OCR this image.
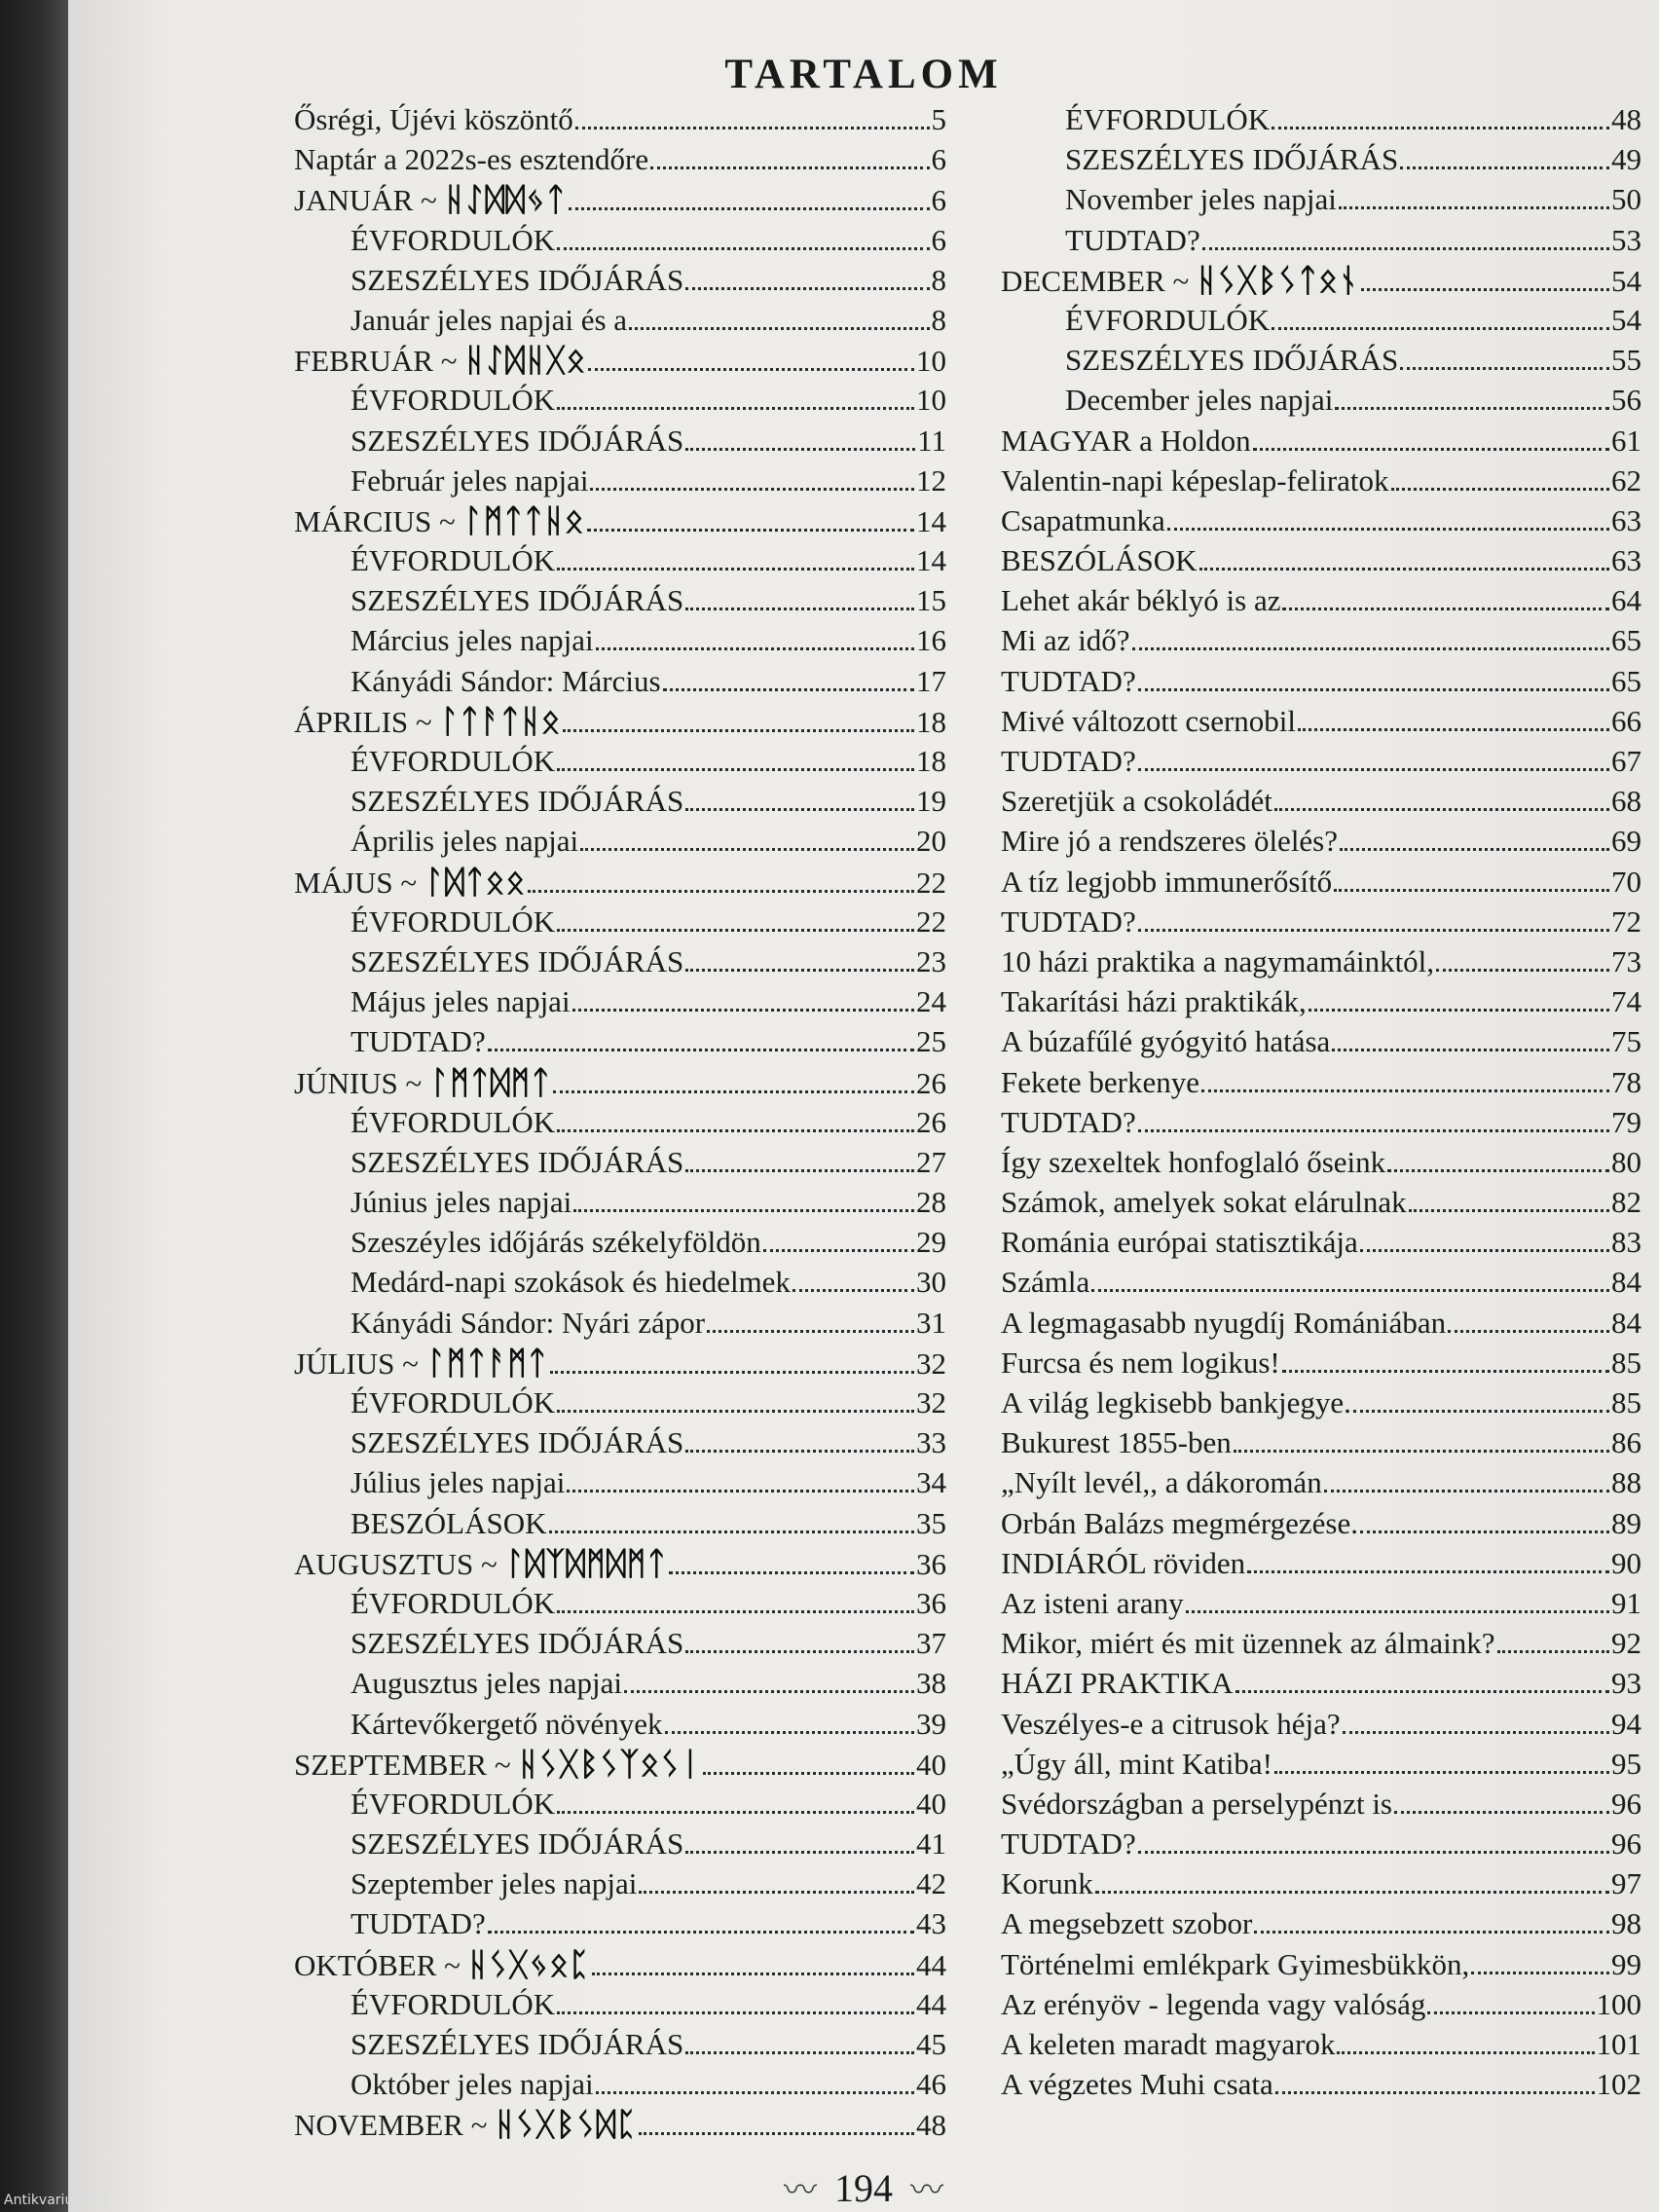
TARTALOM
Ősrégi, Újévi köszöntő	5
Naptár a 2022s-es esztendőre	6
JANUÁR ~ ᚺᛇᛞᛞᛃᛏ	6
ÉVFORDULÓK	6
SZESZÉLYES IDŐJÁRÁS	8
Január jeles napjai és a	8
FEBRUÁR ~ ᚺᛇᛞᚺᚷᛟ	10
ÉVFORDULÓK	10
SZESZÉLYES IDŐJÁRÁS	11
Február jeles napjai	12
MÁRCIUS ~ ᛚᛗᛏᛏᚺᛟ	14
ÉVFORDULÓK	14
SZESZÉLYES IDŐJÁRÁS	15
Március jeles napjai	16
Kányádi Sándor: Március	17
ÁPRILIS ~ ᛚᛏᚨᛏᚺᛟ	18
ÉVFORDULÓK	18
SZESZÉLYES IDŐJÁRÁS	19
Április jeles napjai	20
MÁJUS ~ ᛚᛞᛏᛟᛟ	22
ÉVFORDULÓK	22
SZESZÉLYES IDŐJÁRÁS	23
Május jeles napjai	24
TUDTAD?	25
JÚNIUS ~ ᛚᛗᛏᛞᛗᛏ	26
ÉVFORDULÓK	26
SZESZÉLYES IDŐJÁRÁS	27
Június jeles napjai	28
Szeszéyles időjárás székelyföldön	29
Medárd-napi szokások és hiedelmek	30
Kányádi Sándor: Nyári zápor	31
JÚLIUS ~ ᛚᛗᛏᚨᛗᛏ	32
ÉVFORDULÓK	32
SZESZÉLYES IDŐJÁRÁS	33
Július jeles napjai	34
BESZÓLÁSOK	35
AUGUSZTUS ~ ᛚᛞᛉᛞᛗᛞᛗᛏ	36
ÉVFORDULÓK	36
SZESZÉLYES IDŐJÁRÁS	37
Augusztus jeles napjai	38
Kártevőkergető növények	39
SZEPTEMBER ~ ᚺᛊᚷᛒᛊᛉᛟᛊᛁ	40
ÉVFORDULÓK	40
SZESZÉLYES IDŐJÁRÁS	41
Szeptember jeles napjai	42
TUDTAD?	43
OKTÓBER ~ ᚺᛊᚷᛃᛟᛈ	44
ÉVFORDULÓK	44
SZESZÉLYES IDŐJÁRÁS	45
Október jeles napjai	46
NOVEMBER ~ ᚺᛊᚷᛒᛊᛞᛈ	48
ÉVFORDULÓK	48
SZESZÉLYES IDŐJÁRÁS	49
November jeles napjai	50
TUDTAD?	53
DECEMBER ~ ᚺᛊᚷᛒᛊᛏᛟᚾ	54
ÉVFORDULÓK	54
SZESZÉLYES IDŐJÁRÁS	55
December jeles napjai	56
MAGYAR a Holdon	61
Valentin-napi képeslap-feliratok	62
Csapatmunka	63
BESZÓLÁSOK	63
Lehet akár béklyó is az	64
Mi az idő?	65
TUDTAD?	65
Mivé változott csernobil	66
TUDTAD?	67
Szeretjük a csokoládét	68
Mire jó a rendszeres ölelés?	69
A tíz legjobb immunerősítő	70
TUDTAD?	72
10 házi praktika a nagymamáinktól,	73
Takarítási házi praktikák,	74
A búzafűlé gyógyitó hatása	75
Fekete berkenye	78
TUDTAD?	79
Így szexeltek honfoglaló őseink	80
Számok, amelyek sokat elárulnak	82
Románia európai statisztikája	83
Számla	84
A legmagasabb nyugdíj Romániában	84
Furcsa és nem logikus!	85
A világ legkisebb bankjegye.	85
Bukurest 1855-ben	86
„Nyílt levél,, a dákoromán	88
Orbán Balázs megmérgezése.	89
INDIÁRÓL röviden	90
Az isteni arany	91
Mikor, miért és mit üzennek az álmaink?	92
HÁZI PRAKTIKA	93
Veszélyes-e a citrusok héja?	94
„Úgy áll, mint Katiba!	95
Svédországban a perselypénzt is	96
TUDTAD?	96
Korunk	97
A megsebzett szobor	98
Történelmi emlékpark Gyimesbükkön,	99
Az erényöv - legenda vagy valóság	100
A keleten maradt magyarok	101
A végzetes Muhi csata	102
〰 194 〰
Antikvarium.hu
